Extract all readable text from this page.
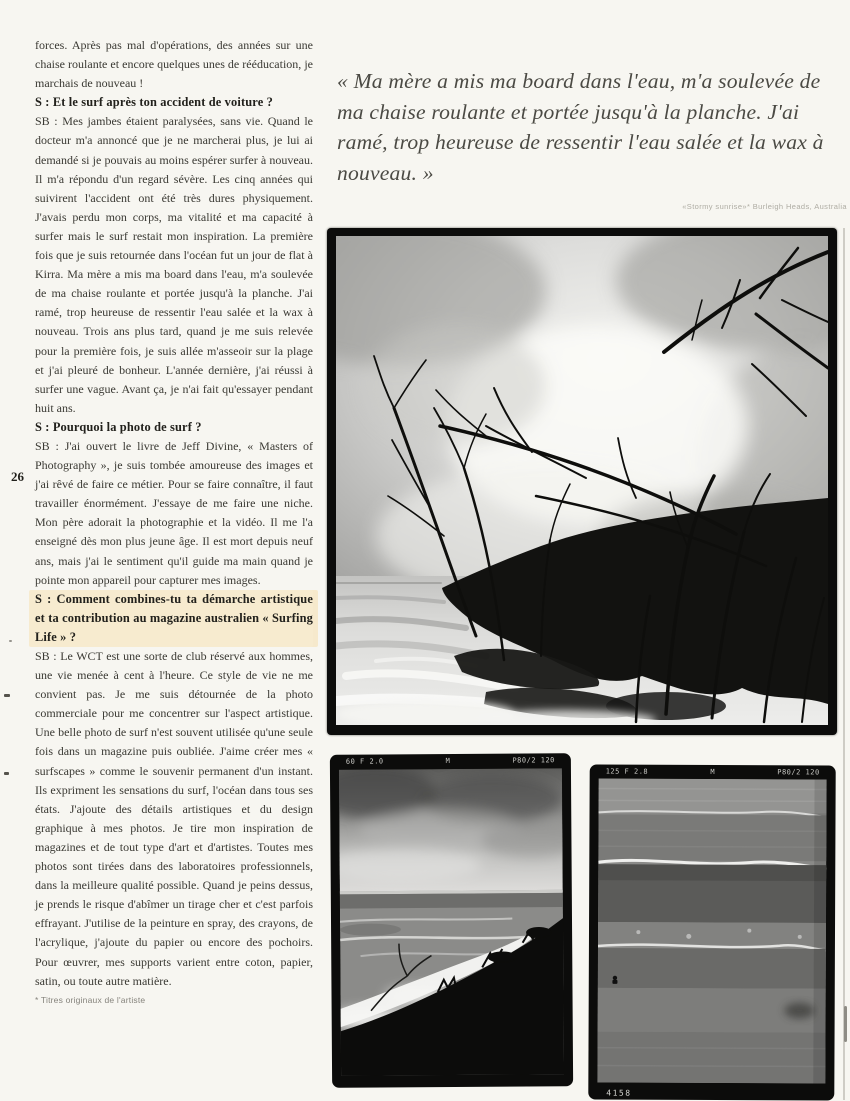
26

forces. Après pas mal d'opérations, des années sur une chaise roulante et encore quelques unes de rééducation, je marchais de nouveau !

S : Et le surf après ton accident de voiture ?

SB : Mes jambes étaient paralysées, sans vie. Quand le docteur m'a annoncé que je ne marcherai plus, je lui ai demandé si je pouvais au moins espérer surfer à nouveau. Il m'a répondu d'un regard sévère. Les cinq années qui suivirent l'accident ont été très dures physiquement. J'avais perdu mon corps, ma vitalité et ma capacité à surfer mais le surf restait mon inspiration. La première fois que je suis retournée dans l'océan fut un jour de flat à Kirra. Ma mère a mis ma board dans l'eau, m'a soulevée de ma chaise roulante et portée jusqu'à la planche. J'ai ramé, trop heureuse de ressentir l'eau salée et la wax à nouveau. Trois ans plus tard, quand je me suis relevée pour la première fois, je suis allée m'asseoir sur la plage et j'ai pleuré de bonheur. L'année dernière, j'ai réussi à surfer une vague. Avant ça, je n'ai fait qu'essayer pendant huit ans.

S : Pourquoi la photo de surf ?

SB : J'ai ouvert le livre de Jeff Divine, « Masters of Photography », je suis tombée amoureuse des images et j'ai rêvé de faire ce métier. Pour se faire connaître, il faut travailler énormément. J'essaye de me faire une niche. Mon père adorait la photographie et la vidéo. Il me l'a enseigné dès mon plus jeune âge. Il est mort depuis neuf ans, mais j'ai le sentiment qu'il guide ma main quand je pointe mon appareil pour capturer mes images.

S : Comment combines-tu ta démarche artistique et ta contribution au magazine australien « Surfing Life » ?

SB : Le WCT est une sorte de club réservé aux hommes, une vie menée à cent à l'heure. Ce style de vie ne me convient pas. Je me suis détournée de la photo commerciale pour me concentrer sur l'aspect artistique. Une belle photo de surf n'est souvent utilisée qu'une seule fois dans un magazine puis oubliée. J'aime créer mes « surfscapes » comme le souvenir permanent d'un instant. Ils expriment les sensations du surf, l'océan dans tous ses états. J'ajoute des détails artistiques et du design graphique à mes photos. Je tire mon inspiration de magazines et de tout type d'art et d'artistes. Toutes mes photos sont tirées dans des laboratoires professionnels, dans la meilleure qualité possible. Quand je peins dessus, je prends le risque d'abîmer un tirage cher et c'est parfois effrayant. J'utilise de la peinture en spray, des crayons, de l'acrylique, j'ajoute du papier ou encore des pochoirs. Pour œuvrer, mes supports varient entre coton, papier, satin, ou toute autre matière.

* Titres originaux de l'artiste

« Ma mère a mis ma board dans l'eau, m'a soulevée de ma chaise roulante et portée jusqu'à la planche. J'ai ramé, trop heureuse de ressentir l'eau salée et la wax à nouveau. »
«Stormy sunrise»* Burleigh Heads, Australia
60 F 2.0	M	P80/2 120
125 F 2.8	M	P80/2 120
4158
